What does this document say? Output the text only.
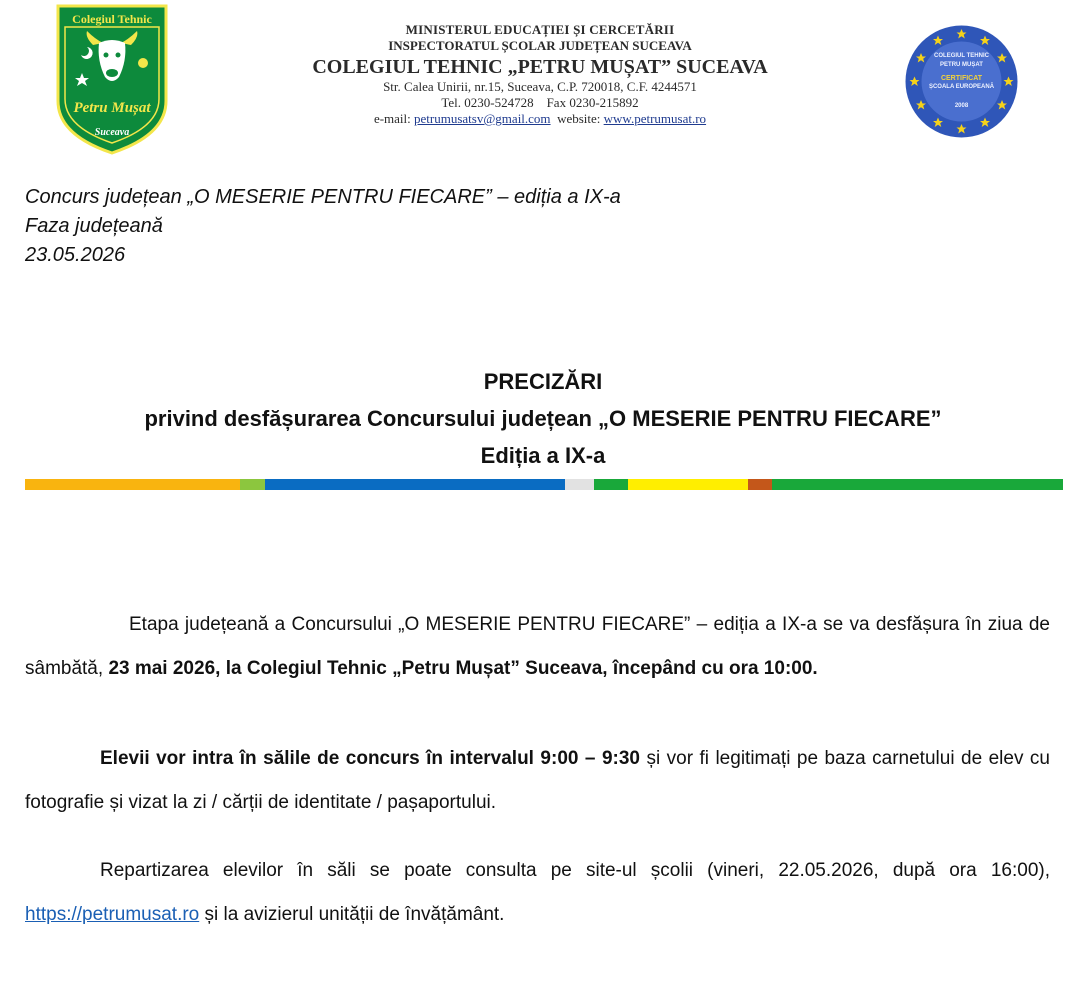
Colegiul Tehnic
Petru Mușat
Suceava
MINISTERUL EDUCAȚIEI ȘI CERCETĂRII
INSPECTORATUL ȘCOLAR JUDEȚEAN SUCEAVA
COLEGIUL TEHNIC „PETRU MUȘAT” SUCEAVA
Str. Calea Unirii, nr.15, Suceava, C.P. 720018, C.F. 4244571
Tel. 0230-524728 Fax 0230-215892
e-mail: petrumusatsv@gmail.com website: www.petrumusat.ro
COLEGIUL TEHNIC
PETRU MUȘAT
CERTIFICAT
ȘCOALA EUROPEANĂ
2008
Concurs județean „O MESERIE PENTRU FIECARE” – ediția a IX-a
Faza județeană
23.05.2026
PRECIZĂRI
privind desfășurarea Concursului județean „O MESERIE PENTRU FIECARE”
Ediția a IX-a
Etapa județeană a Concursului „O MESERIE PENTRU FIECARE” – ediția a IX-a se va desfășura în ziua de sâmbătă, 23 mai 2026, la Colegiul Tehnic „Petru Mușat” Suceava, începând cu ora 10:00.
Elevii vor intra în sălile de concurs în intervalul 9:00 – 9:30 și vor fi legitimați pe baza carnetului de elev cu fotografie și vizat la zi / cărții de identitate / pașaportului.
Repartizarea elevilor în săli se poate consulta pe site-ul școlii (vineri, 22.05.2026, după ora 16:00), https://petrumusat.ro și la avizierul unității de învățământ.
